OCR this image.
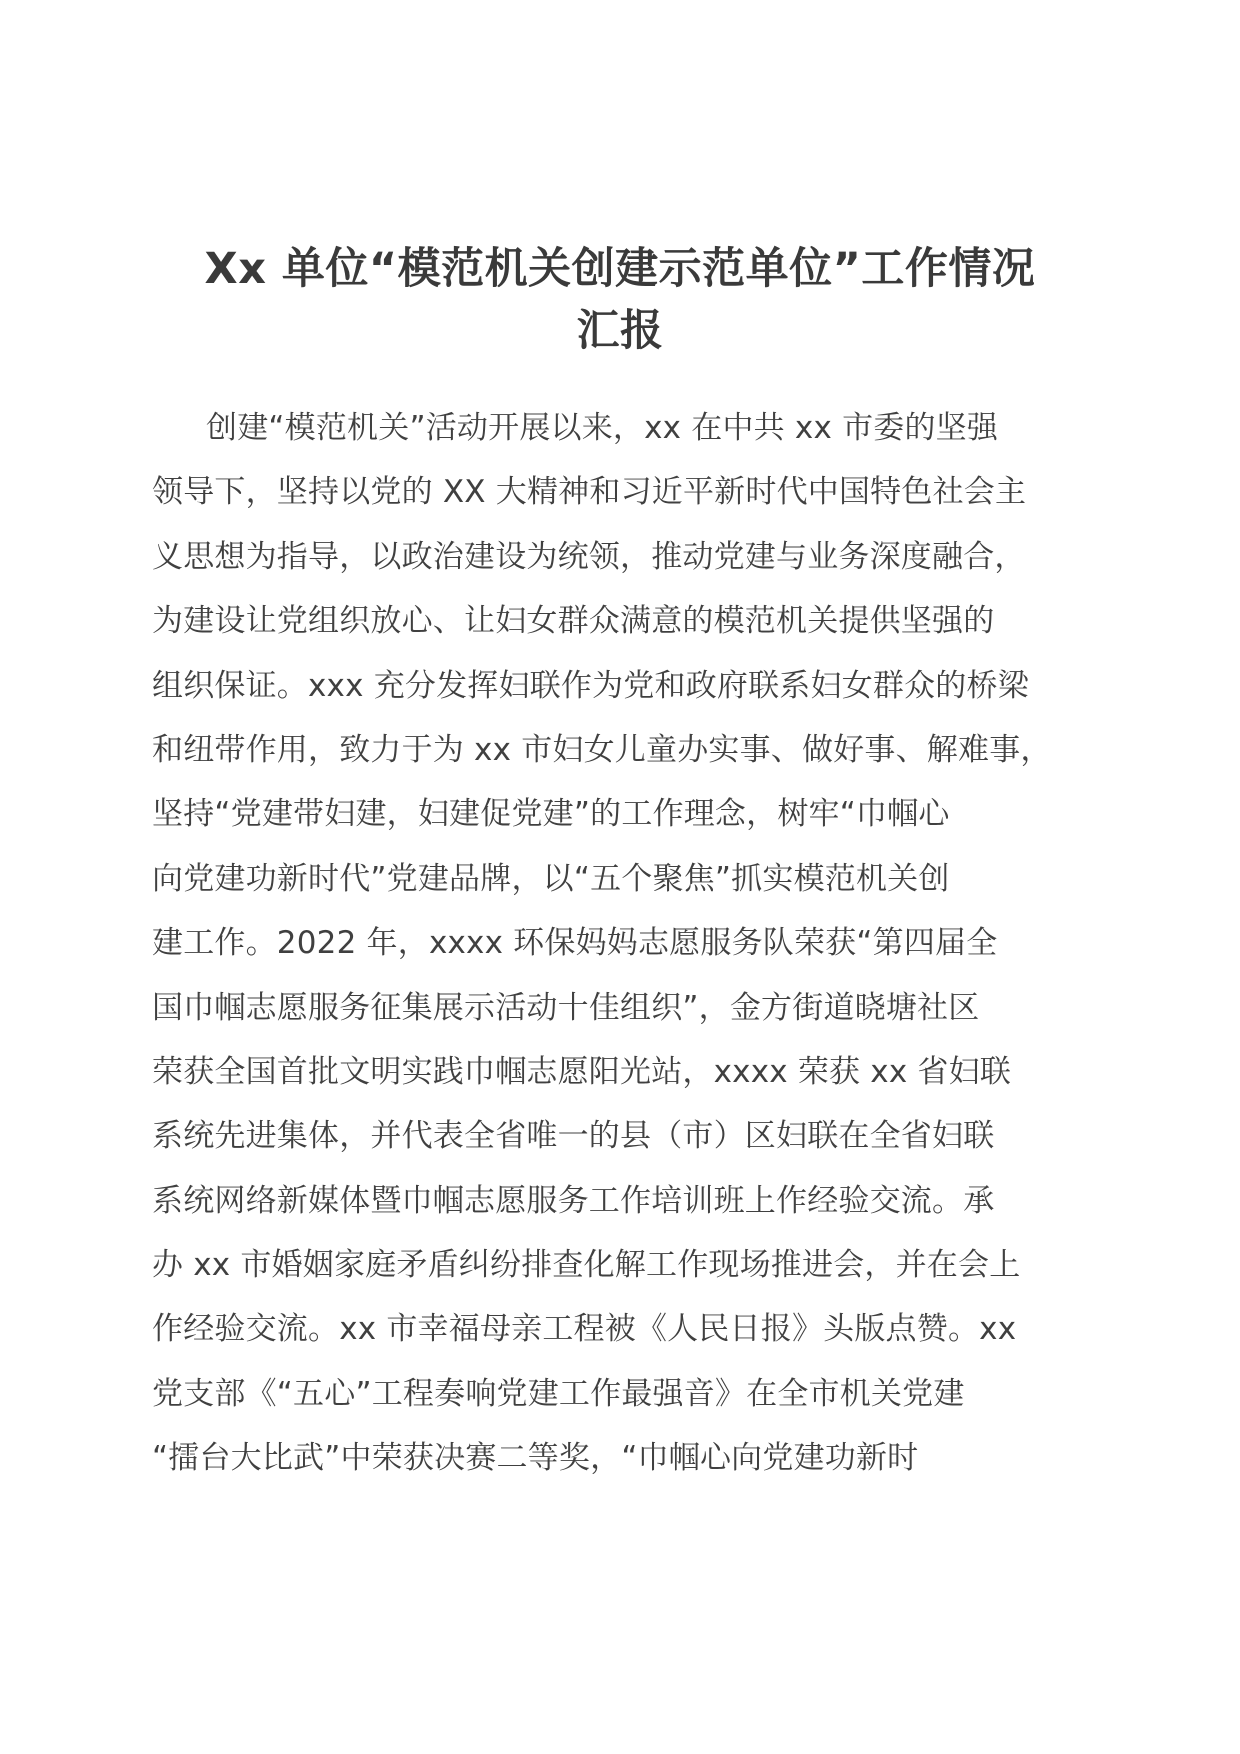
Xx 单位“模范机关创建示范单位”工作情况
汇报
创建“模范机关”活动开展以来，xx 在中共 xx 市委的坚强
领导下，坚持以党的 XX 大精神和习近平新时代中国特色社会主
义思想为指导，以政治建设为统领，推动党建与业务深度融合，
为建设让党组织放心、让妇女群众满意的模范机关提供坚强的
组织保证。xxx 充分发挥妇联作为党和政府联系妇女群众的桥梁
和纽带作用，致力于为 xx 市妇女儿童办实事、做好事、解难事，
坚持“党建带妇建，妇建促党建”的工作理念，树牢“巾帼心
向党建功新时代”党建品牌，以“五个聚焦”抓实模范机关创
建工作。2022 年，xxxx 环保妈妈志愿服务队荣获“第四届全
国巾帼志愿服务征集展示活动十佳组织”，金方街道晓塘社区
荣获全国首批文明实践巾帼志愿阳光站，xxxx 荣获 xx 省妇联
系统先进集体，并代表全省唯一的县（市）区妇联在全省妇联
系统网络新媒体暨巾帼志愿服务工作培训班上作经验交流。承
办 xx 市婚姻家庭矛盾纠纷排查化解工作现场推进会，并在会上
作经验交流。xx 市幸福母亲工程被《人民日报》头版点赞。xx
党支部《“五心”工程奏响党建工作最强音》在全市机关党建
“擂台大比武”中荣获决赛二等奖，“巾帼心向党建功新时
